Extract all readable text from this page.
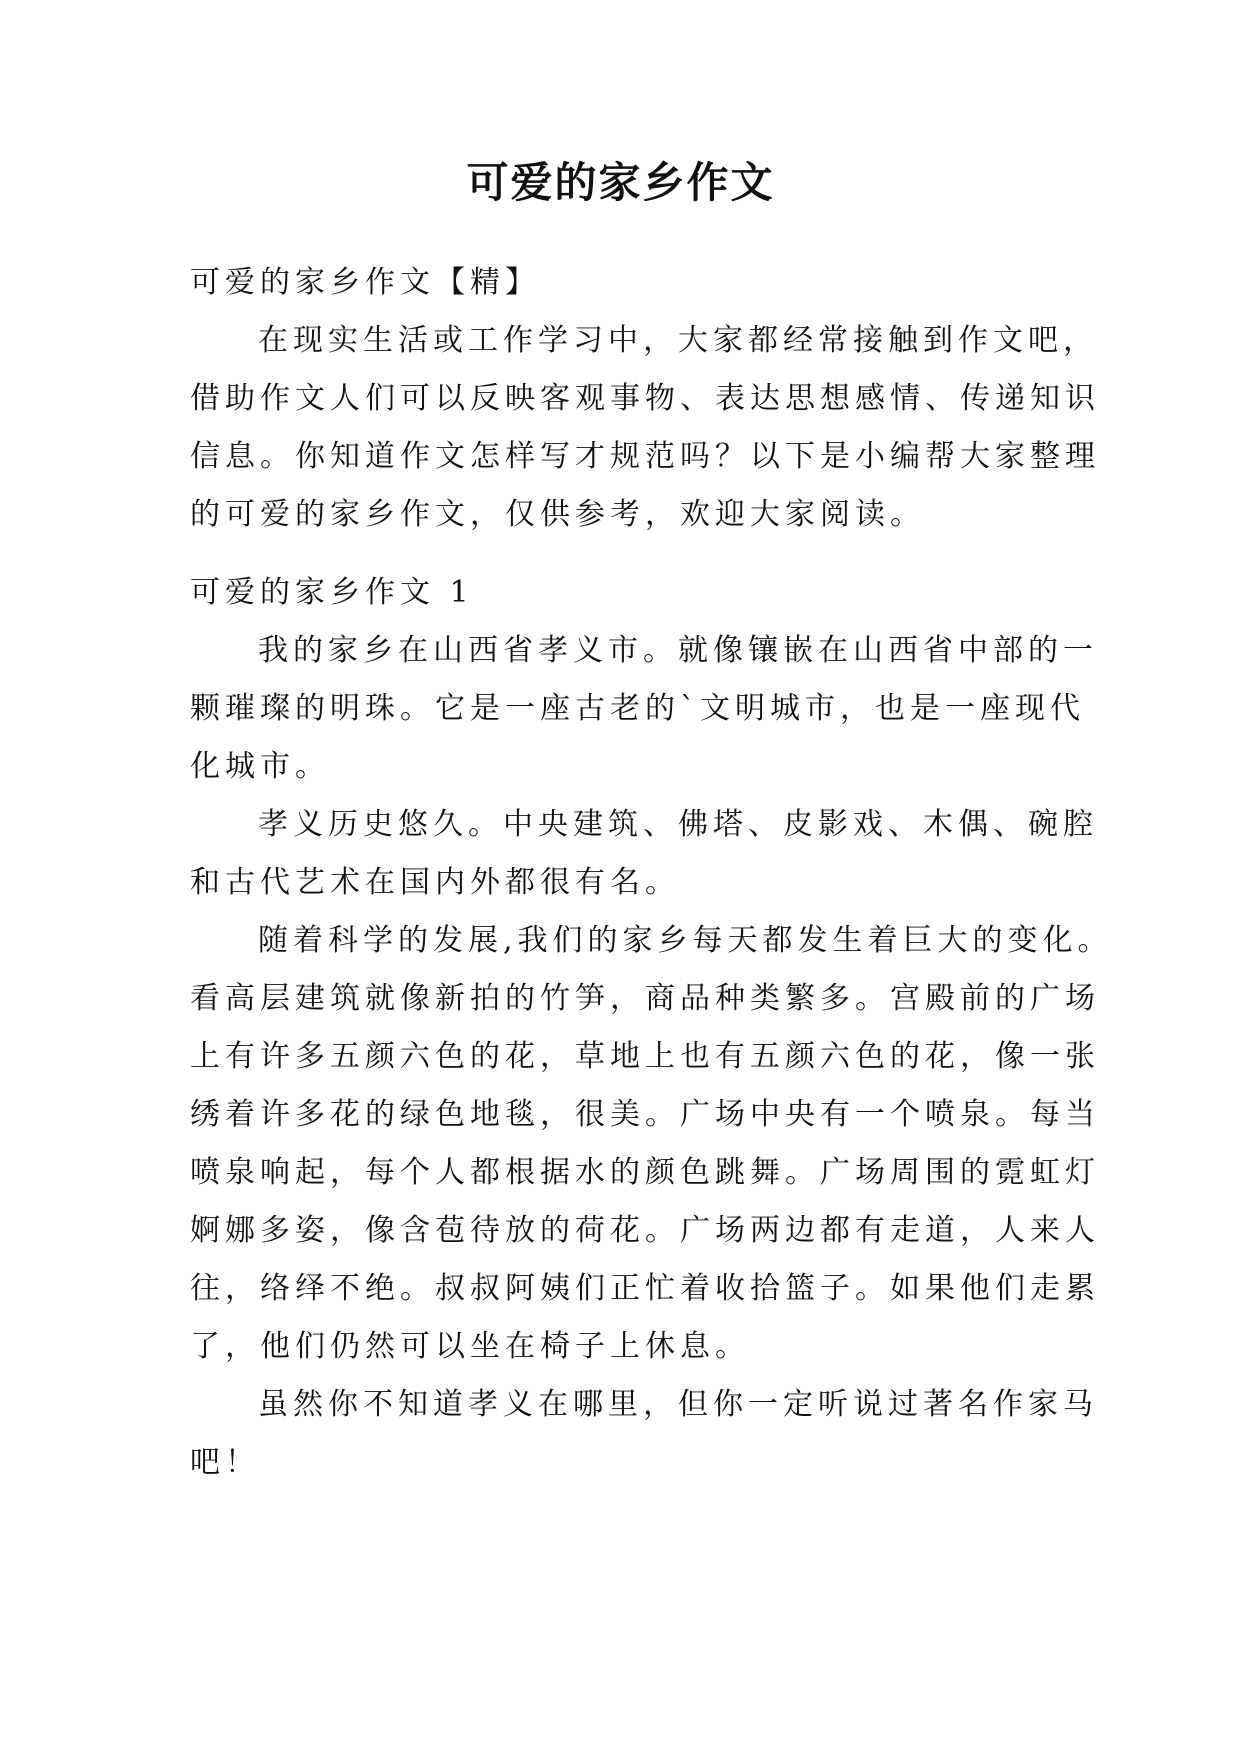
可爱的家乡作文
可爱的家乡作文【精】
在现实生活或工作学习中，大家都经常接触到作文吧，
借助作文人们可以反映客观事物、表达思想感情、传递知识
信息。你知道作文怎样写才规范吗？以下是小编帮大家整理
的可爱的家乡作文，仅供参考，欢迎大家阅读。
可爱的家乡作文 1
我的家乡在山西省孝义市。就像镶嵌在山西省中部的一
颗璀璨的明珠。它是一座古老的`文明城市，也是一座现代
化城市。
孝义历史悠久。中央建筑、佛塔、皮影戏、木偶、碗腔
和古代艺术在国内外都很有名。
随着科学的发展,我们的家乡每天都发生着巨大的变化。
看高层建筑就像新拍的竹笋，商品种类繁多。宫殿前的广场
上有许多五颜六色的花，草地上也有五颜六色的花，像一张
绣着许多花的绿色地毯，很美。广场中央有一个喷泉。每当
喷泉响起，每个人都根据水的颜色跳舞。广场周围的霓虹灯
婀娜多姿，像含苞待放的荷花。广场两边都有走道，人来人
往，络绎不绝。叔叔阿姨们正忙着收拾篮子。如果他们走累
了，他们仍然可以坐在椅子上休息。
虽然你不知道孝义在哪里，但你一定听说过著名作家马
吧！
